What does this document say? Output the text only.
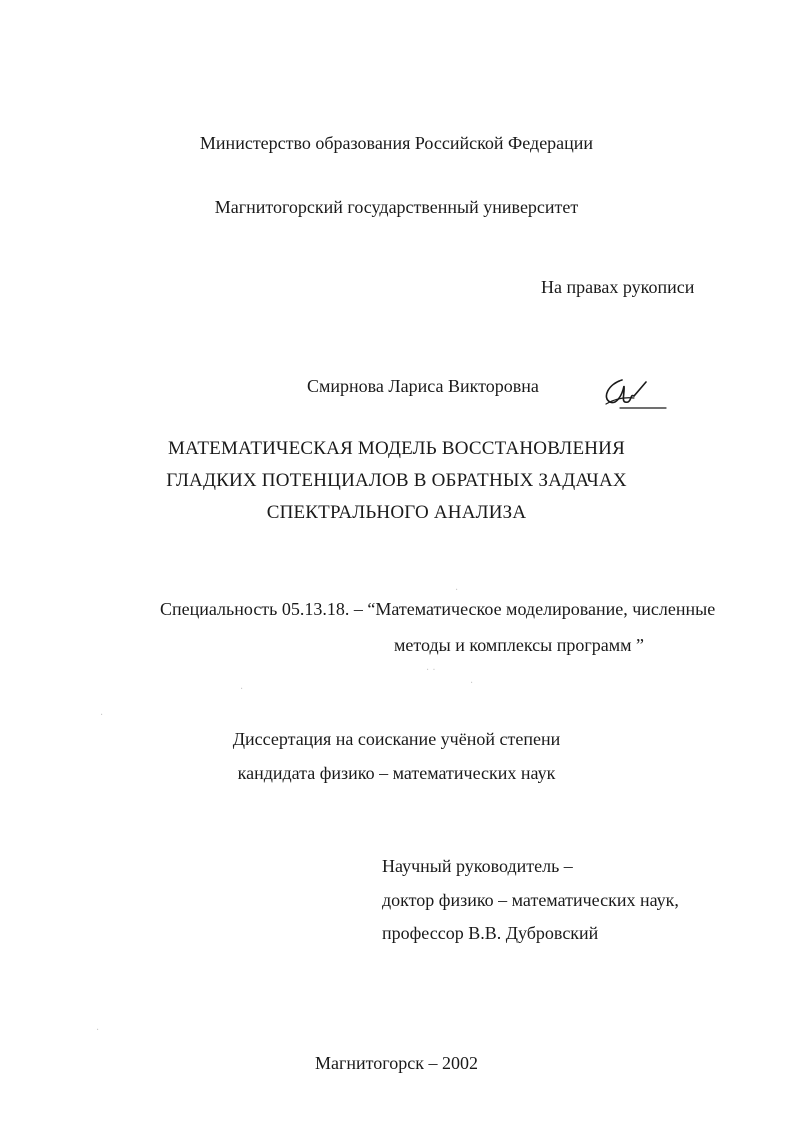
Министерство образования Российской Федерации
Магнитогорский государственный университет
На правах рукописи
Смирнова Лариса Викторовна
МАТЕМАТИЧЕСКАЯ МОДЕЛЬ ВОССТАНОВЛЕНИЯ
ГЛАДКИХ ПОТЕНЦИАЛОВ В ОБРАТНЫХ ЗАДАЧАХ
СПЕКТРАЛЬНОГО АНАЛИЗА
Специальность 05.13.18. – “Математическое моделирование, численные
методы и комплексы программ ”
Диссертация на соискание учёной степени
кандидата физико – математических наук
Научный руководитель –
доктор физико – математических наук,
профессор В.В. Дубровский
Магнитогорск – 2002
·
· ·
·
·
·
·
